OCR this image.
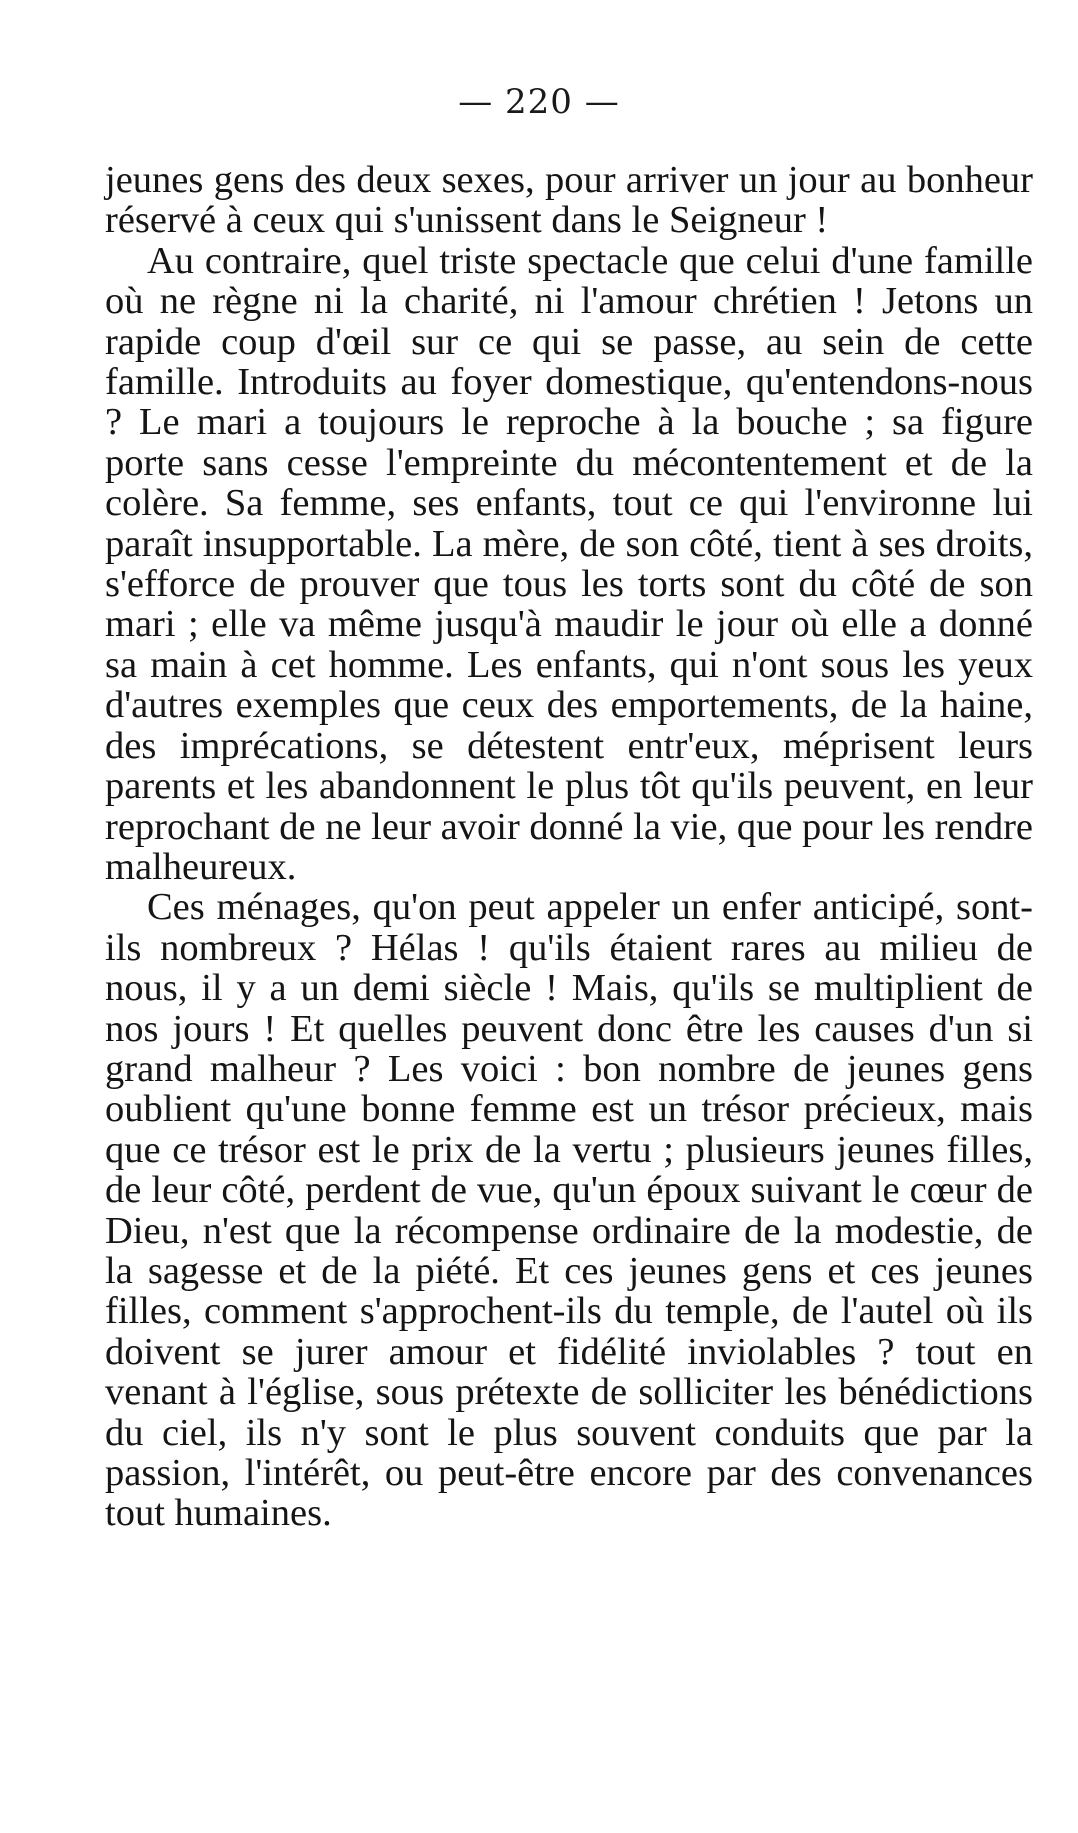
— 220 —

jeunes gens des deux sexes, pour arriver un jour au bonheur réservé à ceux qui s'unissent dans le Seigneur !

Au contraire, quel triste spectacle que celui d'une famille où ne règne ni la charité, ni l'amour chrétien ! Jetons un rapide coup d'œil sur ce qui se passe, au sein de cette famille. Introduits au foyer domestique, qu'entendons-nous ? Le mari a toujours le reproche à la bouche ; sa figure porte sans cesse l'empreinte du mécontentement et de la colère. Sa femme, ses enfants, tout ce qui l'environne lui paraît insupportable. La mère, de son côté, tient à ses droits, s'efforce de prouver que tous les torts sont du côté de son mari ; elle va même jusqu'à maudir le jour où elle a donné sa main à cet homme. Les enfants, qui n'ont sous les yeux d'autres exemples que ceux des emportements, de la haine, des imprécations, se détestent entr'eux, méprisent leurs parents et les abandonnent le plus tôt qu'ils peuvent, en leur reprochant de ne leur avoir donné la vie, que pour les rendre malheureux.

Ces ménages, qu'on peut appeler un enfer anticipé, sont-ils nombreux ? Hélas ! qu'ils étaient rares au milieu de nous, il y a un demi siècle ! Mais, qu'ils se multiplient de nos jours ! Et quelles peuvent donc être les causes d'un si grand malheur ? Les voici : bon nombre de jeunes gens oublient qu'une bonne femme est un trésor précieux, mais que ce trésor est le prix de la vertu ; plusieurs jeunes filles, de leur côté, perdent de vue, qu'un époux suivant le cœur de Dieu, n'est que la récompense ordinaire de la modestie, de la sagesse et de la piété. Et ces jeunes gens et ces jeunes filles, comment s'approchent-ils du temple, de l'autel où ils doivent se jurer amour et fidélité inviolables ? tout en venant à l'église, sous prétexte de solliciter les bénédictions du ciel, ils n'y sont le plus souvent conduits que par la passion, l'intérêt, ou peut-être encore par des convenances tout humaines.
